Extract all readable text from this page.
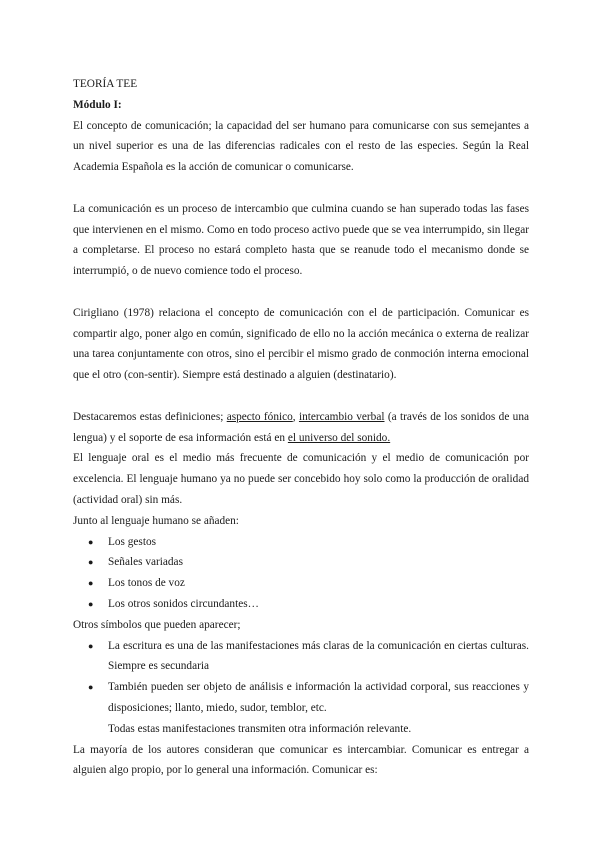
TEORÍA TEE

Módulo I:

El concepto de comunicación; la capacidad del ser humano para comunicarse con sus semejantes a un nivel superior es una de las diferencias radicales con el resto de las especies. Según la Real Academia Española es la acción de comunicar o comunicarse.

La comunicación es un proceso de intercambio que culmina cuando se han superado todas las fases que intervienen en el mismo. Como en todo proceso activo puede que se vea interrumpido, sin llegar a completarse. El proceso no estará completo hasta que se reanude todo el mecanismo donde se interrumpió, o de nuevo comience todo el proceso.

Cirigliano (1978) relaciona el concepto de comunicación con el de participación. Comunicar es compartir algo, poner algo en común, significado de ello no la acción mecánica o externa de realizar una tarea conjuntamente con otros, sino el percibir el mismo grado de conmoción interna emocional que el otro (con-sentir). Siempre está destinado a alguien (destinatario).

Destacaremos estas definiciones; aspecto fónico, intercambio verbal (a través de los sonidos de una lengua) y el soporte de esa información está en el universo del sonido.

El lenguaje oral es el medio más frecuente de comunicación y el medio de comunicación por excelencia. El lenguaje humano ya no puede ser concebido hoy solo como la producción de oralidad (actividad oral) sin más.

Junto al lenguaje humano se añaden:

● Los gestos
● Señales variadas
● Los tonos de voz
● Los otros sonidos circundantes…

Otros símbolos que pueden aparecer;

● La escritura es una de las manifestaciones más claras de la comunicación en ciertas culturas. Siempre es secundaria
● También pueden ser objeto de análisis e información la actividad corporal, sus reacciones y disposiciones; llanto, miedo, sudor, temblor, etc.

Todas estas manifestaciones transmiten otra información relevante.

La mayoría de los autores consideran que comunicar es intercambiar. Comunicar es entregar a alguien algo propio, por lo general una información. Comunicar es:
